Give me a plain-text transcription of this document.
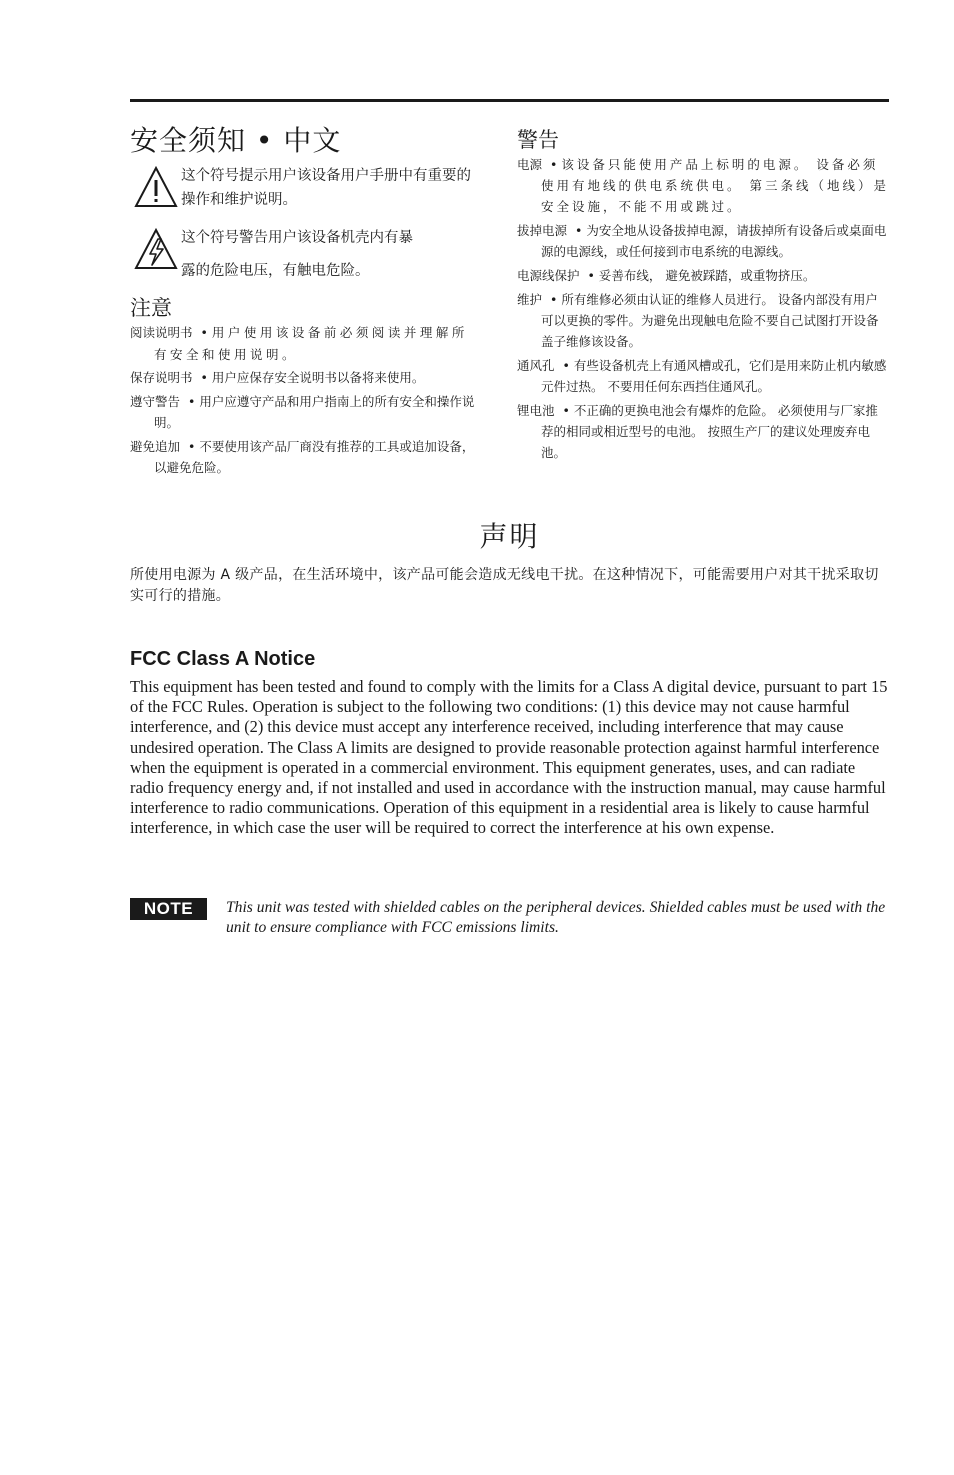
安全须知 • 中文
这个符号提示用户该设备用户手册中有重要的操作和维护说明。
这个符号警告用户该设备机壳内有暴
露的危险电压，有触电危险。
注意
阅读说明书 • 用户使用该设备前必须阅读并理解所有安全和使用说明。
保存说明书 • 用户应保存安全说明书以备将来使用。
遵守警告 • 用户应遵守产品和用户指南上的所有安全和操作说明。
避免追加 • 不要使用该产品厂商没有推荐的工具或追加设备，以避免危险。
警告
电源 • 该设备只能使用产品上标明的电源。 设备必须使用有地线的供电系统供电。 第三条线（地线）是安全设施，不能不用或跳过。
拔掉电源 • 为安全地从设备拔掉电源，请拔掉所有设备后或桌面电源的电源线，或任何接到市电系统的电源线。
电源线保护 • 妥善布线， 避免被踩踏，或重物挤压。
维护 • 所有维修必须由认证的维修人员进行。 设备内部没有用户可以更换的零件。为避免出现触电危险不要自己试图打开设备盖子维修该设备。
通风孔 • 有些设备机壳上有通风槽或孔，它们是用来防止机内敏感元件过热。 不要用任何东西挡住通风孔。
锂电池 • 不正确的更换电池会有爆炸的危险。 必须使用与厂家推荐的相同或相近型号的电池。 按照生产厂的建议处理废弃电池。
声明
所使用电源为 A 级产品，在生活环境中，该产品可能会造成无线电干扰。在这种情况下，可能需要用户对其干扰采取切实可行的措施。
FCC Class A Notice
This equipment has been tested and found to comply with the limits for a Class A digital device, pursuant to part 15 of the FCC Rules. Operation is subject to the following two conditions: (1) this device may not cause harmful interference, and (2) this device must accept any interference received, including interference that may cause undesired operation. The Class A limits are designed to provide reasonable protection against harmful interference when the equipment is operated in a commercial environment. This equipment generates, uses, and can radiate radio frequency energy and, if not installed and used in accordance with the instruction manual, may cause harmful interference to radio communications. Operation of this equipment in a residential area is likely to cause harmful interference, in which case the user will be required to correct the interference at his own expense.
NOTE	This unit was tested with shielded cables on the peripheral devices. Shielded cables must be used with the unit to ensure compliance with FCC emissions limits.
